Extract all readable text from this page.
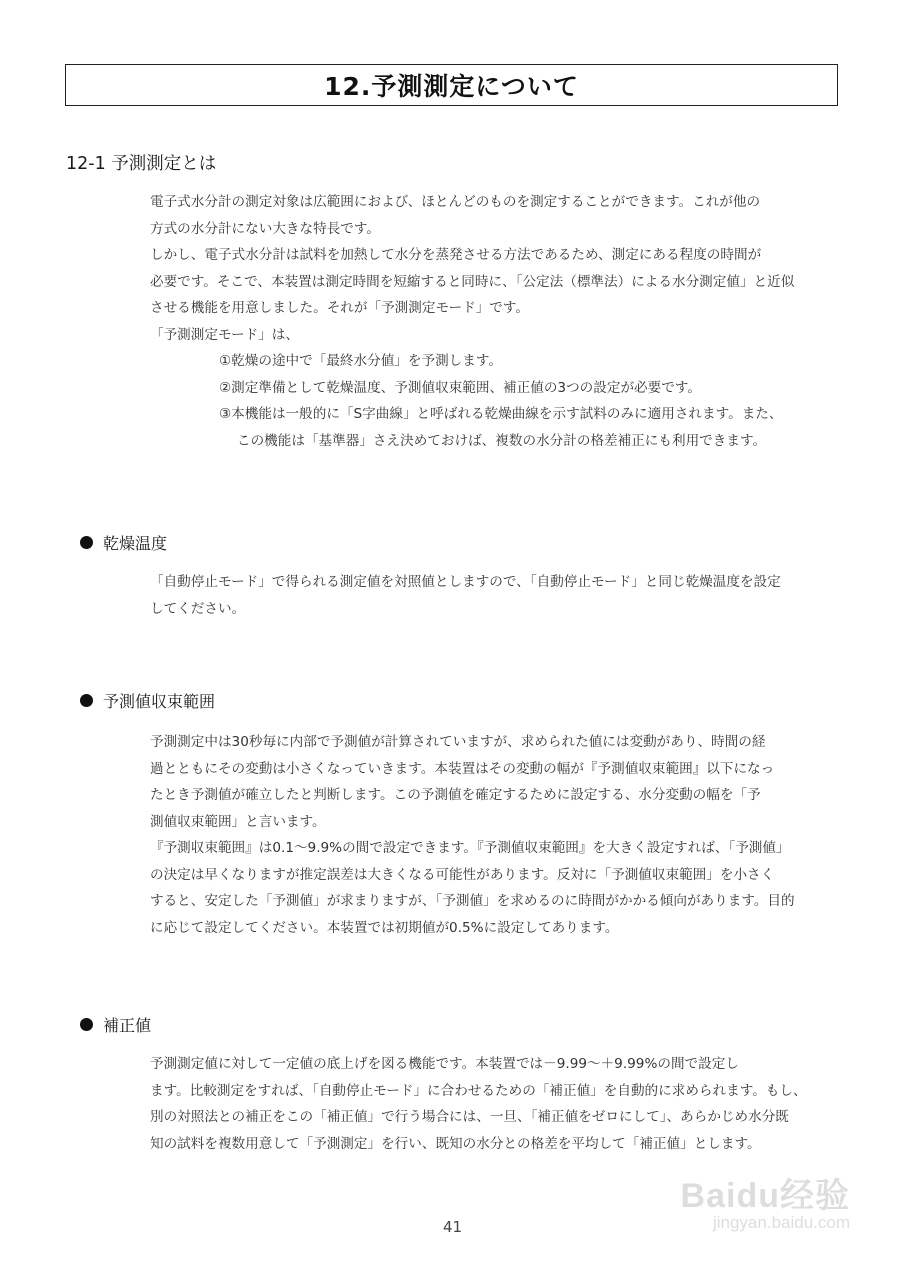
12.予測測定について
12-1 予測測定とは

電子式水分計の測定対象は広範囲におよび、ほとんどのものを測定することができます。これが他の

方式の水分計にない大きな特長です。

しかし、電子式水分計は試料を加熱して水分を蒸発させる方法であるため、測定にある程度の時間が

必要です。そこで、本装置は測定時間を短縮すると同時に、「公定法（標準法）による水分測定値」と近似

させる機能を用意しました。それが「予測測定モード」です。

「予測測定モード」は、

①乾燥の途中で「最終水分値」を予測します。

②測定準備として乾燥温度、予測値収束範囲、補正値の3つの設定が必要です。

③本機能は一般的に「S字曲線」と呼ばれる乾燥曲線を示す試料のみに適用されます。また、

この機能は「基準器」さえ決めておけば、複数の水分計の格差補正にも利用できます。

乾燥温度

「自動停止モード」で得られる測定値を対照値としますので、「自動停止モード」と同じ乾燥温度を設定

してください。

予測値収束範囲

予測測定中は30秒毎に内部で予測値が計算されていますが、求められた値には変動があり、時間の経

過とともにその変動は小さくなっていきます。本装置はその変動の幅が『予測値収束範囲』以下になっ

たとき予測値が確立したと判断します。この予測値を確定するために設定する、水分変動の幅を「予

測値収束範囲」と言います。

『予測収束範囲』は0.1～9.9%の間で設定できます。『予測値収束範囲』を大きく設定すれば、「予測値」

の決定は早くなりますが推定誤差は大きくなる可能性があります。反対に「予測値収束範囲」を小さく

すると、安定した「予測値」が求まりますが、「予測値」を求めるのに時間がかかる傾向があります。目的

に応じて設定してください。本装置では初期値が0.5%に設定してあります。

補正値

予測測定値に対して一定値の底上げを図る機能です。本装置では－9.99～＋9.99%の間で設定し

ます。比較測定をすれば、「自動停止モード」に合わせるための「補正値」を自動的に求められます。もし、

別の対照法との補正をこの「補正値」で行う場合には、一旦、「補正値をゼロにして」、あらかじめ水分既

知の試料を複数用意して「予測測定」を行い、既知の水分との格差を平均して「補正値」とします。

41
Baidu经验
jingyan.baidu.com
